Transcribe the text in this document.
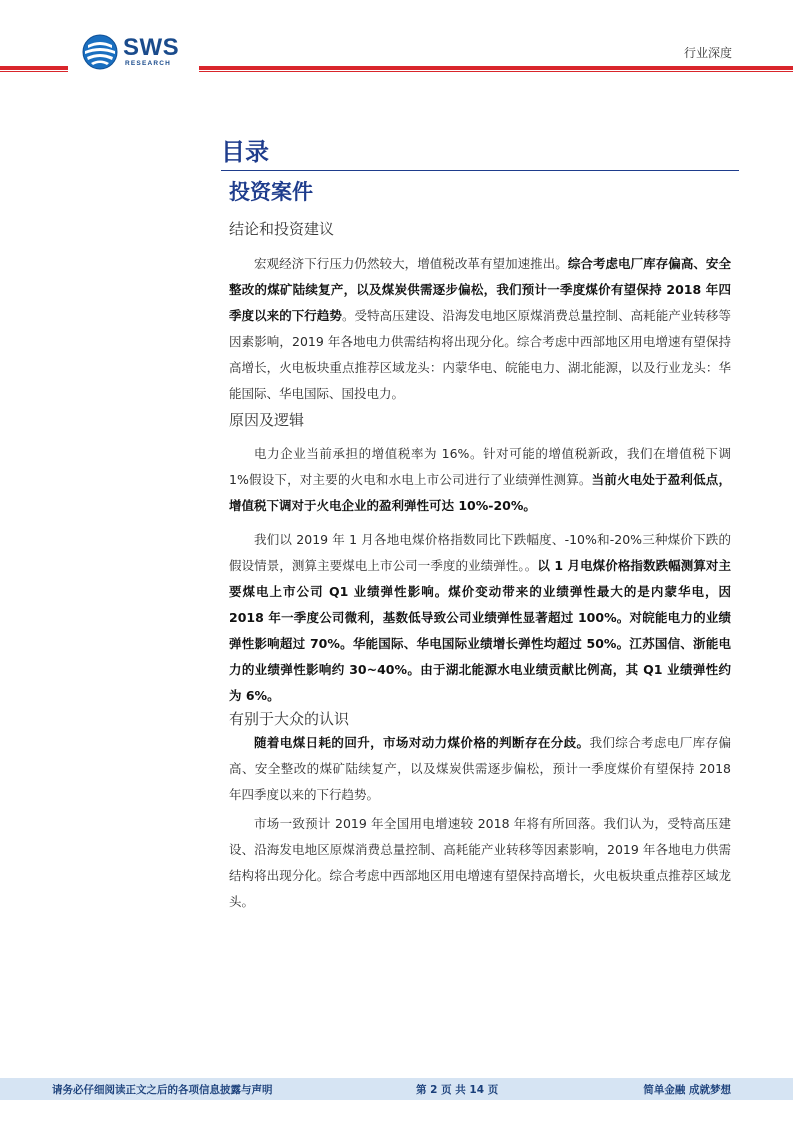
SWS
RESEARCH
行业深度
目录
投资案件
结论和投资建议
宏观经济下行压力仍然较大，增值税改革有望加速推出。综合考虑电厂库存偏高、安全整改的煤矿陆续复产，以及煤炭供需逐步偏松，我们预计一季度煤价有望保持 2018 年四季度以来的下行趋势。受特高压建设、沿海发电地区原煤消费总量控制、高耗能产业转移等因素影响，2019 年各地电力供需结构将出现分化。综合考虑中西部地区用电增速有望保持高增长，火电板块重点推荐区域龙头：内蒙华电、皖能电力、湖北能源，以及行业龙头：华能国际、华电国际、国投电力。
原因及逻辑
电力企业当前承担的增值税率为 16%。针对可能的增值税新政，我们在增值税下调 1%假设下，对主要的火电和水电上市公司进行了业绩弹性测算。当前火电处于盈利低点，增值税下调对于火电企业的盈利弹性可达 10%-20%。
我们以 2019 年 1 月各地电煤价格指数同比下跌幅度、-10%和-20%三种煤价下跌的假设情景，测算主要煤电上市公司一季度的业绩弹性。。以 1 月电煤价格指数跌幅测算对主要煤电上市公司 Q1 业绩弹性影响。煤价变动带来的业绩弹性最大的是内蒙华电，因 2018 年一季度公司微利，基数低导致公司业绩弹性显著超过 100%。对皖能电力的业绩弹性影响超过 70%。华能国际、华电国际业绩增长弹性均超过 50%。江苏国信、浙能电力的业绩弹性影响约 30~40%。由于湖北能源水电业绩贡献比例高，其 Q1 业绩弹性约为 6%。
有别于大众的认识
随着电煤日耗的回升，市场对动力煤价格的判断存在分歧。我们综合考虑电厂库存偏高、安全整改的煤矿陆续复产，以及煤炭供需逐步偏松，预计一季度煤价有望保持 2018 年四季度以来的下行趋势。
市场一致预计 2019 年全国用电增速较 2018 年将有所回落。我们认为，受特高压建设、沿海发电地区原煤消费总量控制、高耗能产业转移等因素影响，2019 年各地电力供需结构将出现分化。综合考虑中西部地区用电增速有望保持高增长，火电板块重点推荐区域龙头。
请务必仔细阅读正文之后的各项信息披露与声明	第 2 页 共 14 页	简单金融 成就梦想
